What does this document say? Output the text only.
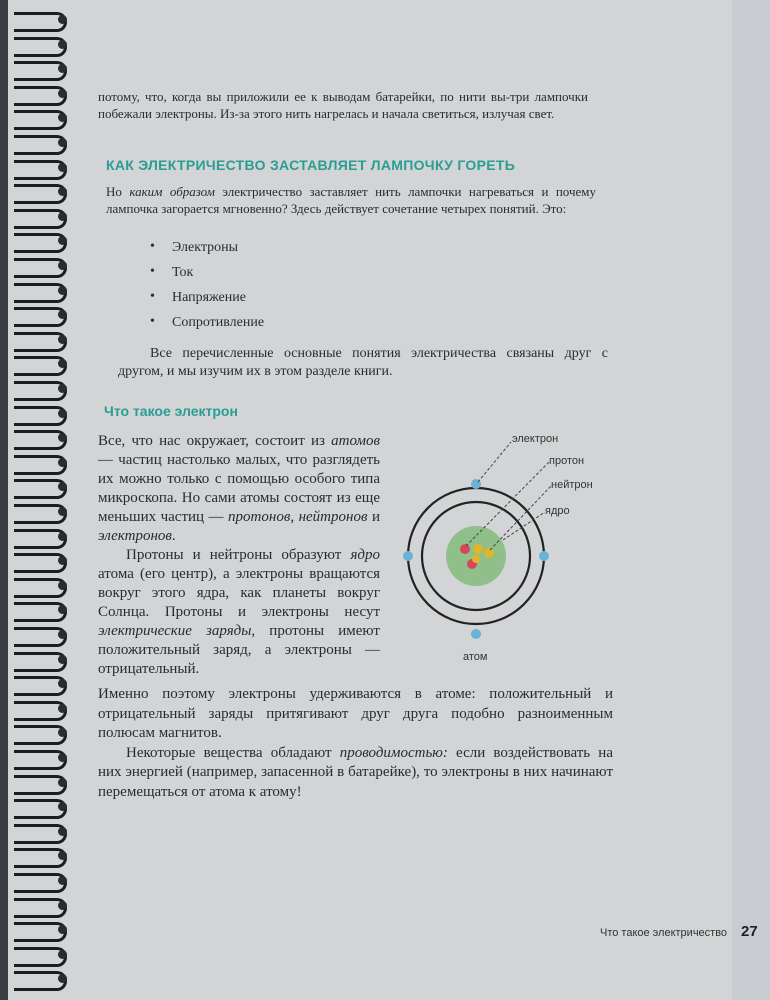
потому, что, когда вы приложили ее к выводам батарейки, по нити вы-три лампочки побежали электроны. Из-за этого нить нагрелась и начала светиться, излучая свет.

КАК ЭЛЕКТРИЧЕСТВО ЗАСТАВЛЯЕТ ЛАМПОЧКУ ГОРЕТЬ

Но каким образом электричество заставляет нить лампочки нагреваться и почему лампочка загорается мгновенно? Здесь действует сочетание четырех понятий. Это:

• Электроны
• Ток
• Напряжение
• Сопротивление

Все перечисленные основные понятия электричества связаны друг с другом, и мы изучим их в этом разделе книги.

Что такое электрон

Все, что нас окружает, состоит из атомов — частиц настолько малых, что разглядеть их можно только с помощью особого типа микроскопа. Но сами атомы состоят из еще меньших частиц — протонов, нейтронов и электронов.

Протоны и нейтроны образуют ядро атома (его центр), а электроны вращаются вокруг этого ядра, как планеты вокруг Солнца. Протоны и электроны несут электрические заряды, протоны имеют положительный заряд, а электроны — отрицательный.

Именно поэтому электроны удерживаются в атоме: положительный и отрицательный заряды притягивают друг друга подобно разноименным полюсам магнитов.

Некоторые вещества обладают проводимостью: если воздействовать на них энергией (например, запасенной в батарейке), то электроны в них начинают перемещаться от атома к атому!

электрон
протон
нейтрон
ядро
атом
Что такое электричество 27
